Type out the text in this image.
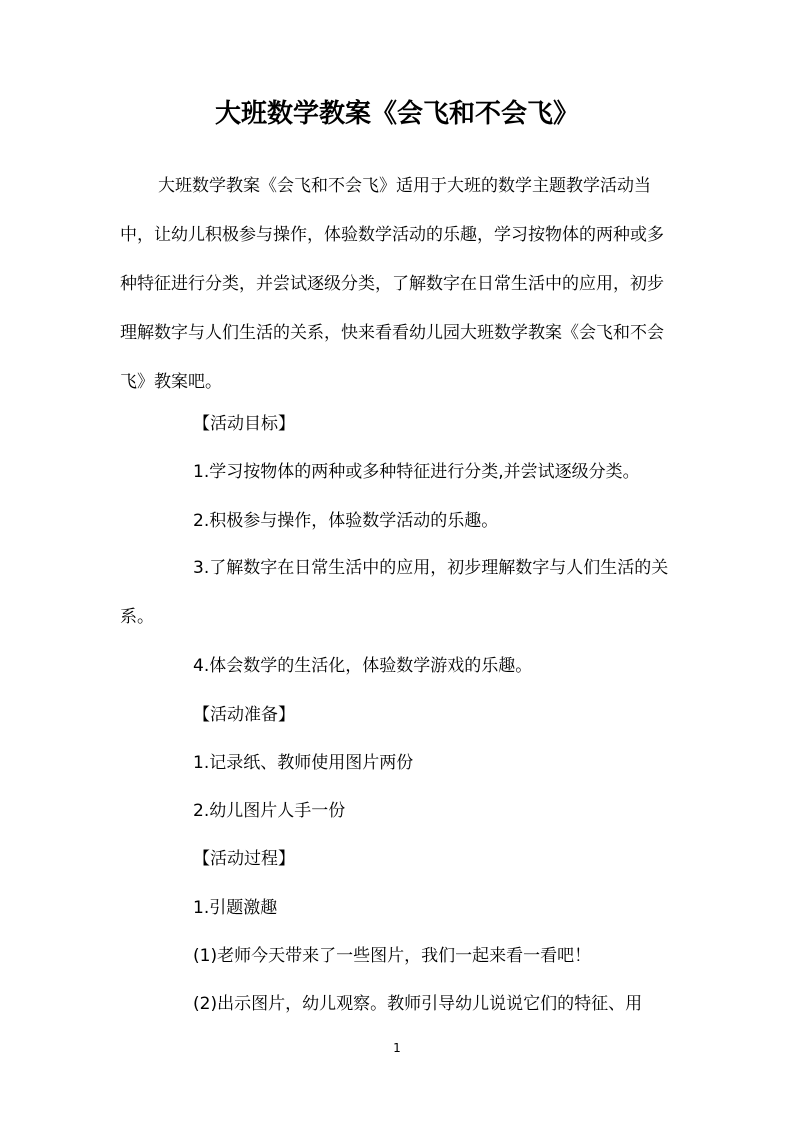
大班数学教案《会飞和不会飞》

大班数学教案《会飞和不会飞》适用于大班的数学主题教学活动当中，让幼儿积极参与操作，体验数学活动的乐趣，学习按物体的两种或多种特征进行分类，并尝试逐级分类，了解数字在日常生活中的应用，初步理解数字与人们生活的关系，快来看看幼儿园大班数学教案《会飞和不会飞》教案吧。

【活动目标】

1.学习按物体的两种或多种特征进行分类,并尝试逐级分类。

2.积极参与操作，体验数学活动的乐趣。

3.了解数字在日常生活中的应用，初步理解数字与人们生活的关系。

4.体会数学的生活化，体验数学游戏的乐趣。

【活动准备】

1.记录纸、教师使用图片两份

2.幼儿图片人手一份

【活动过程】

1.引题激趣

(1)老师今天带来了一些图片，我们一起来看一看吧！

(2)出示图片，幼儿观察。教师引导幼儿说说它们的特征、用

1
